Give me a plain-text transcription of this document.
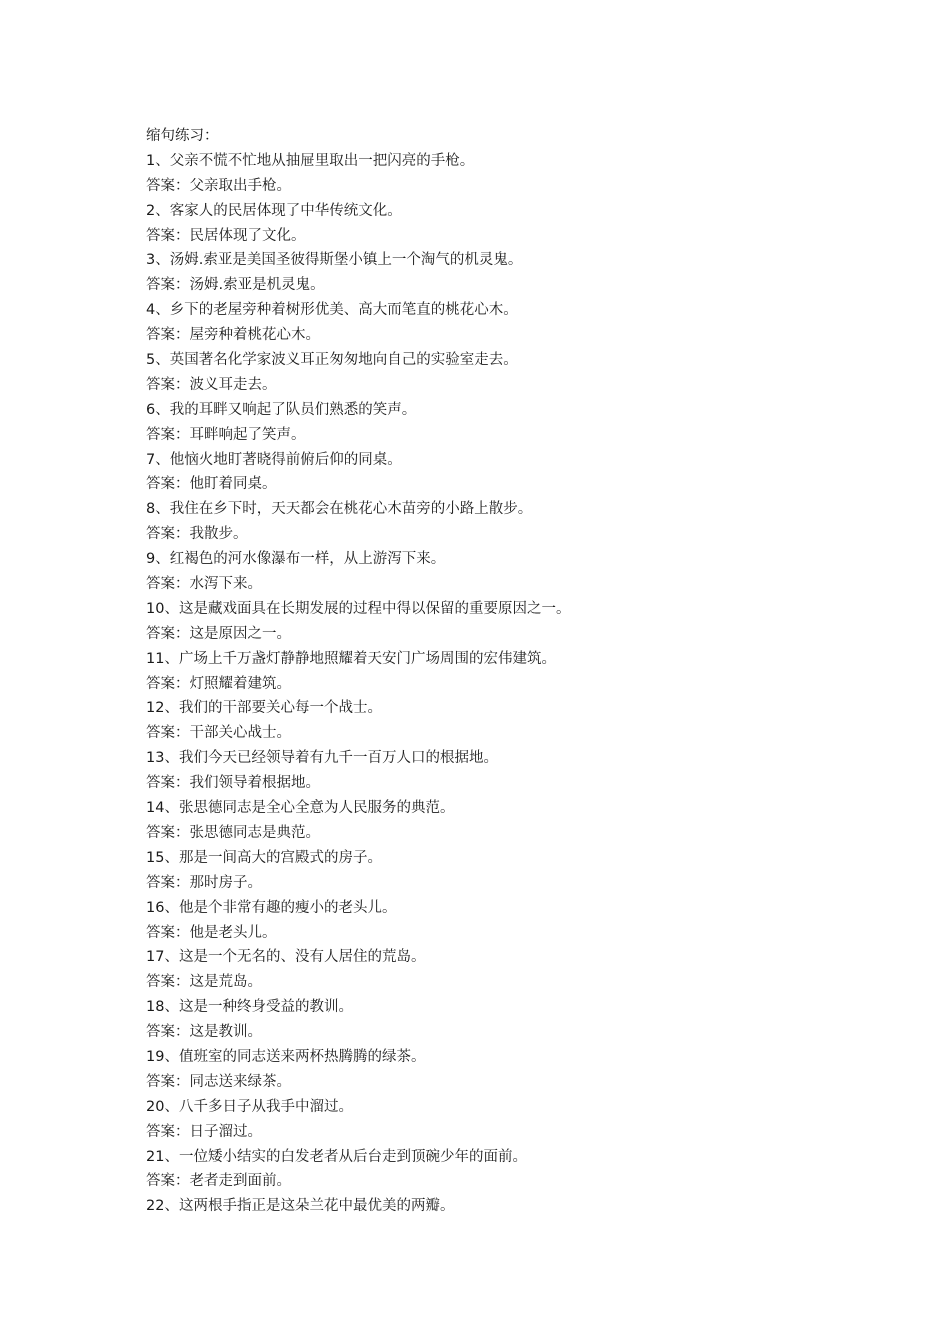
缩句练习：
1、父亲不慌不忙地从抽屉里取出一把闪亮的手枪。
答案：父亲取出手枪。
2、客家人的民居体现了中华传统文化。
答案：民居体现了文化。
3、汤姆.索亚是美国圣彼得斯堡小镇上一个淘气的机灵鬼。
答案：汤姆.索亚是机灵鬼。
4、乡下的老屋旁种着树形优美、高大而笔直的桃花心木。
答案：屋旁种着桃花心木。
5、英国著名化学家波义耳正匆匆地向自己的实验室走去。
答案：波义耳走去。
6、我的耳畔又响起了队员们熟悉的笑声。
答案：耳畔响起了笑声。
7、他恼火地盯著晓得前俯后仰的同桌。
答案：他盯着同桌。
8、我住在乡下时，天天都会在桃花心木苗旁的小路上散步。
答案：我散步。
9、红褐色的河水像瀑布一样，从上游泻下来。
答案：水泻下来。
10、这是藏戏面具在长期发展的过程中得以保留的重要原因之一。
答案：这是原因之一。
11、广场上千万盏灯静静地照耀着天安门广场周围的宏伟建筑。
答案：灯照耀着建筑。
12、我们的干部要关心每一个战士。
答案：干部关心战士。
13、我们今天已经领导着有九千一百万人口的根据地。
答案：我们领导着根据地。
14、张思德同志是全心全意为人民服务的典范。
答案：张思德同志是典范。
15、那是一间高大的宫殿式的房子。
答案：那时房子。
16、他是个非常有趣的瘦小的老头儿。
答案：他是老头儿。
17、这是一个无名的、没有人居住的荒岛。
答案：这是荒岛。
18、这是一种终身受益的教训。
答案：这是教训。
19、值班室的同志送来两杯热腾腾的绿茶。
答案：同志送来绿茶。
20、八千多日子从我手中溜过。
答案：日子溜过。
21、一位矮小结实的白发老者从后台走到顶碗少年的面前。
答案：老者走到面前。
22、这两根手指正是这朵兰花中最优美的两瓣。
